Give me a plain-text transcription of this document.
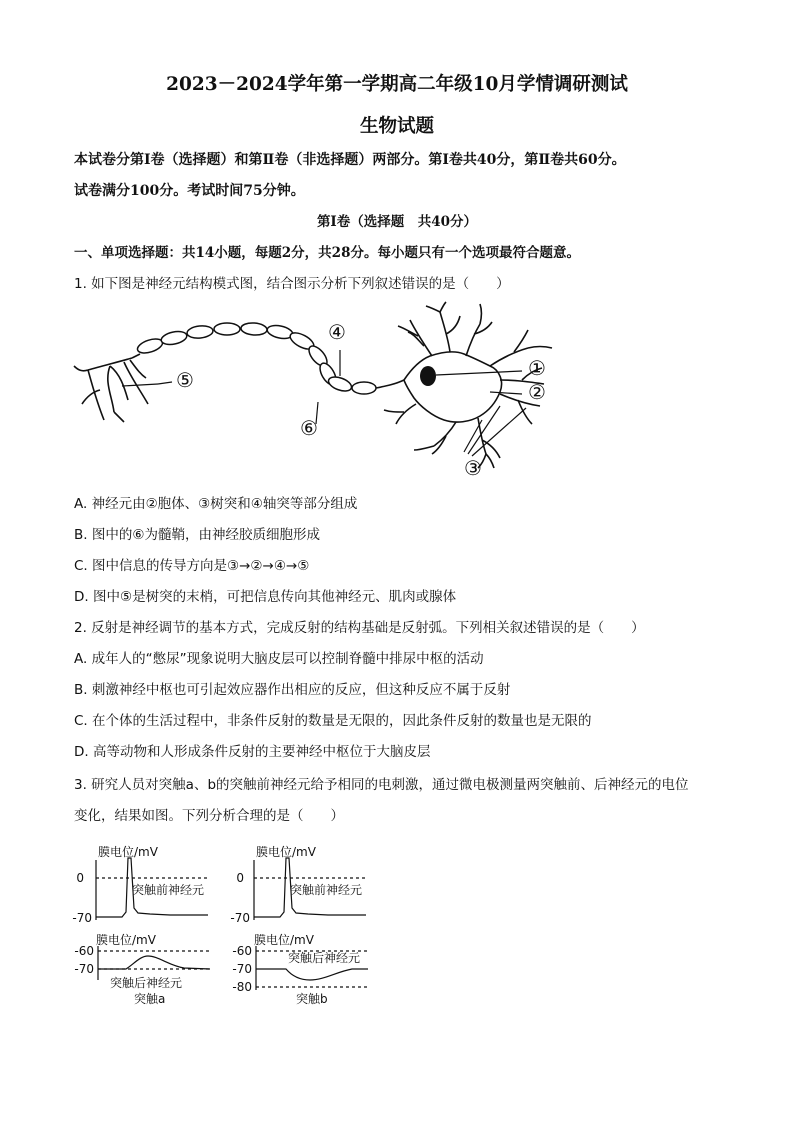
2023－2024学年第一学期高二年级10月学情调研测试
生物试题
本试卷分第Ⅰ卷（选择题）和第Ⅱ卷（非选择题）两部分。第Ⅰ卷共40分，第Ⅱ卷共60分。
试卷满分100分。考试时间75分钟。
第Ⅰ卷（选择题　共40分）
一、单项选择题：共14小题，每题2分，共28分。每小题只有一个选项最符合题意。
1. 如下图是神经元结构模式图，结合图示分析下列叙述错误的是（　　）
①
②
③
④
⑤
⑥
A. 神经元由②胞体、③树突和④轴突等部分组成
B. 图中的⑥为髓鞘，由神经胶质细胞形成
C. 图中信息的传导方向是③→②→④→⑤
D. 图中⑤是树突的末梢，可把信息传向其他神经元、肌肉或腺体
2. 反射是神经调节的基本方式，完成反射的结构基础是反射弧。下列相关叙述错误的是（　　）
A. 成年人的“憋尿”现象说明大脑皮层可以控制脊髓中排尿中枢的活动
B. 刺激神经中枢也可引起效应器作出相应的反应，但这种反应不属于反射
C. 在个体的生活过程中，非条件反射的数量是无限的，因此条件反射的数量也是无限的
D. 高等动物和人形成条件反射的主要神经中枢位于大脑皮层
3. 研究人员对突触a、b的突触前神经元给予相同的电刺激，通过微电极测量两突触前、后神经元的电位
变化，结果如图。下列分析合理的是（　　）
膜电位/mV
0
-70
突触前神经元
膜电位/mV
-60
-70
突触后神经元
突触a
膜电位/mV
0
-70
突触前神经元
膜电位/mV
-60
-70
-80
突触后神经元
突触b
